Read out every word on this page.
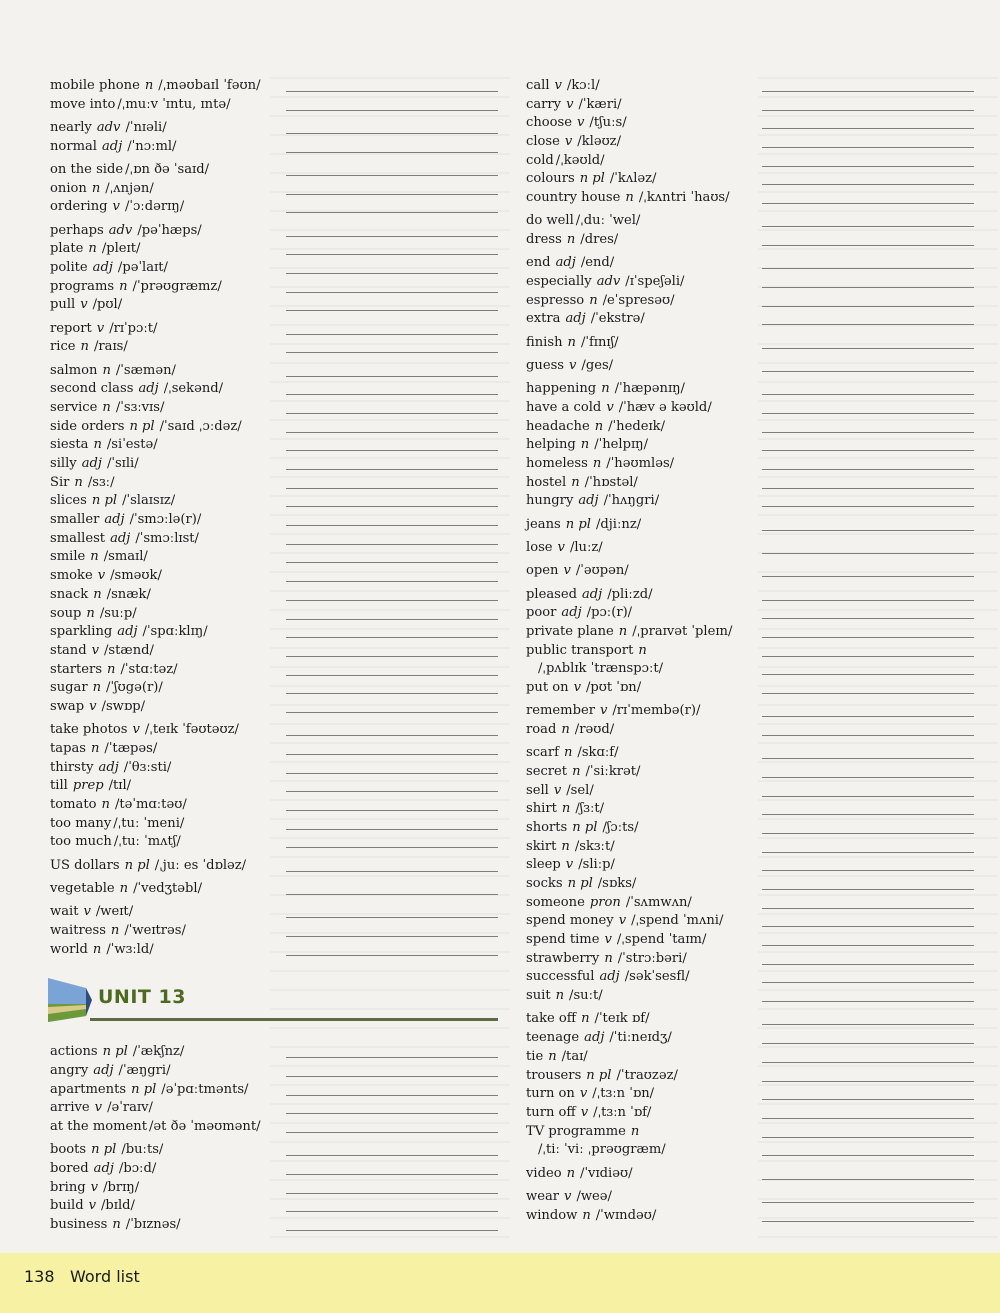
mobile phone n /ˌməʊbaɪl ˈfəʊn/
move into /ˌmuːv ˈɪntu, ɪntə/
nearly adv /ˈnɪəli/
normal adj /ˈnɔːml/
on the side /ˌɒn ðə ˈsaɪd/
onion n /ˌʌnjən/
ordering v /ˈɔːdərɪŋ/
perhaps adv /pəˈhæps/
plate n /pleɪt/
polite adj /pəˈlaɪt/
programs n /ˈprəʊgræmz/
pull v /pʊl/
report v /rɪˈpɔːt/
rice n /raɪs/
salmon n /ˈsæmən/
second class adj /ˌsekənd/
service n /ˈsɜːvɪs/
side orders n pl /ˈsaɪd ˌɔːdəz/
siesta n /siˈestə/
silly adj /ˈsɪli/
Sir n /sɜː/
slices n pl /ˈslaɪsɪz/
smaller adj /ˈsmɔːlə(r)/
smallest adj /ˈsmɔːlɪst/
smile n /smaɪl/
smoke v /sməʊk/
snack n /snæk/
soup n /suːp/
sparkling adj /ˈspɑːklɪŋ/
stand v /stænd/
starters n /ˈstɑːtəz/
sugar n /ˈʃʊgə(r)/
swap v /swɒp/
take photos v /ˌteɪk ˈfəʊtəʊz/
tapas n /ˈtæpəs/
thirsty adj /ˈθɜːsti/
till prep /tɪl/
tomato n /təˈmɑːtəʊ/
too many /ˌtuː ˈmeni/
too much /ˌtuː ˈmʌtʃ/
US dollars n pl /ˌjuː es ˈdɒləz/
vegetable n /ˈvedʒtəbl/
wait v /weɪt/
waitress n /ˈweɪtrəs/
world n /ˈwɜːld/
UNIT 13
actions n pl /ˈækʃnz/
angry adj /ˈæŋgri/
apartments n pl /əˈpɑːtmənts/
arrive v /əˈraɪv/
at the moment /ət ðə ˈməʊmənt/
boots n pl /buːts/
bored adj /bɔːd/
bring v /brɪŋ/
build v /bɪld/
business n /ˈbɪznəs/
call v /kɔːl/
carry v /ˈkæri/
choose v /tʃuːs/
close v /kləʊz/
cold /ˌkəʊld/
colours n pl /ˈkʌləz/
country house n /ˌkʌntri ˈhaʊs/
do well /ˌduː ˈwel/
dress n /dres/
end adj /end/
especially adv /ɪˈspeʃəli/
espresso n /eˈspresəʊ/
extra adj /ˈekstrə/
finish n /ˈfɪnɪʃ/
guess v /ges/
happening n /ˈhæpənɪŋ/
have a cold v /ˈhæv ə kəʊld/
headache n /ˈhedeɪk/
helping n /ˈhelpɪŋ/
homeless n /ˈhəʊmləs/
hostel n /ˈhɒstəl/
hungry adj /ˈhʌŋgri/
jeans n pl /djiːnz/
lose v /luːz/
open v /ˈəʊpən/
pleased adj /pliːzd/
poor adj /pɔː(r)/
private plane n /ˌpraɪvət ˈpleɪn/
public transport n
/ˌpʌblɪk ˈtrænspɔːt/
put on v /pʊt ˈɒn/
remember v /rɪˈmembə(r)/
road n /rəʊd/
scarf n /skɑːf/
secret n /ˈsiːkrət/
sell v /sel/
shirt n /ʃɜːt/
shorts n pl /ʃɔːts/
skirt n /skɜːt/
sleep v /sliːp/
socks n pl /sɒks/
someone pron /ˈsʌmwʌn/
spend money v /ˌspend ˈmʌni/
spend time v /ˌspend ˈtaɪm/
strawberry n /ˈstrɔːbəri/
successful adj /səkˈsesfl/
suit n /suːt/
take off n /ˈteɪk ɒf/
teenage adj /ˈtiːneɪdʒ/
tie n /taɪ/
trousers n pl /ˈtraʊzəz/
turn on v /ˌtɜːn ˈɒn/
turn off v /ˌtɜːn ˈɒf/
TV programme n
/ˌtiː ˈviː ˌprəʊgræm/
video n /ˈvɪdiəʊ/
wear v /weə/
window n /ˈwɪndəʊ/
138 Word list
